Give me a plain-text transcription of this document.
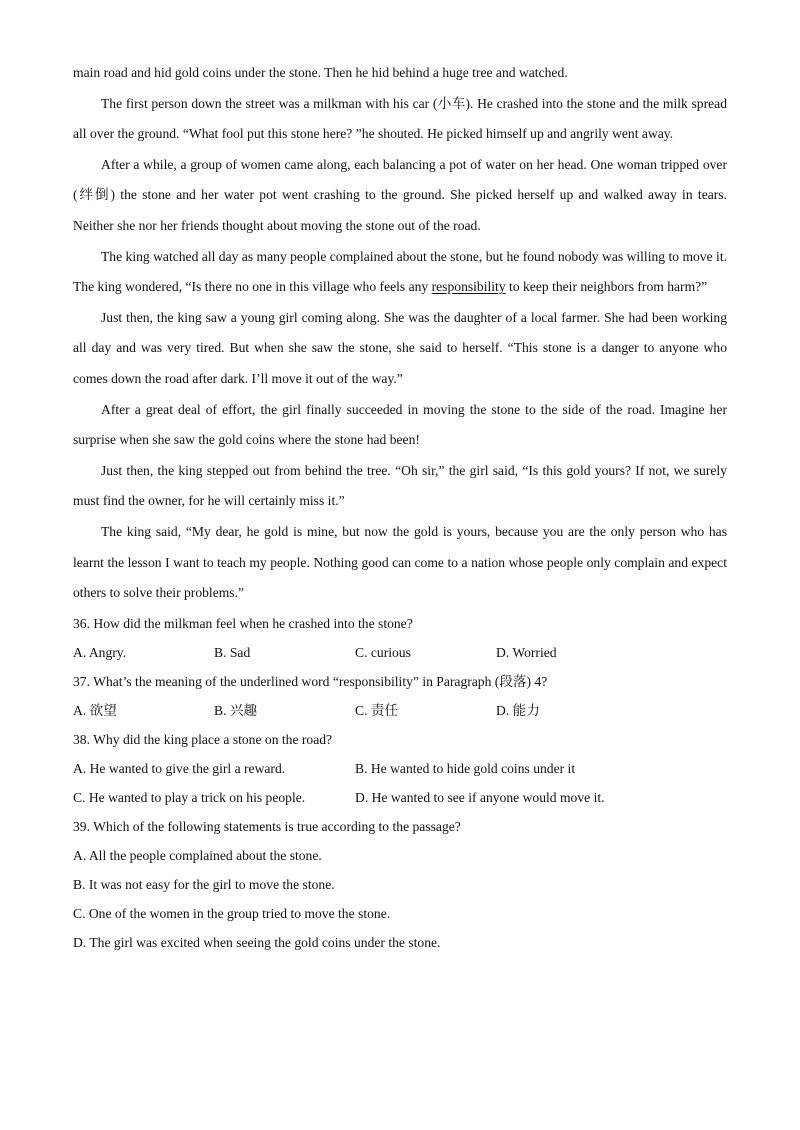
main road and hid gold coins under the stone. Then he hid behind a huge tree and watched.

The first person down the street was a milkman with his car (小车). He crashed into the stone and the milk spread all over the ground. “What fool put this stone here? ”he shouted. He picked himself up and angrily went away.

After a while, a group of women came along, each balancing a pot of water on her head. One woman tripped over (绊倒) the stone and her water pot went crashing to the ground. She picked herself up and walked away in tears. Neither she nor her friends thought about moving the stone out of the road.

The king watched all day as many people complained about the stone, but he found nobody was willing to move it. The king wondered, “Is there no one in this village who feels any responsibility to keep their neighbors from harm?”

Just then, the king saw a young girl coming along. She was the daughter of a local farmer. She had been working all day and was very tired. But when she saw the stone, she said to herself. “This stone is a danger to anyone who comes down the road after dark. I’ll move it out of the way.”

After a great deal of effort, the girl finally succeeded in moving the stone to the side of the road. Imagine her surprise when she saw the gold coins where the stone had been!

Just then, the king stepped out from behind the tree. “Oh sir,” the girl said, “Is this gold yours? If not, we surely must find the owner, for he will certainly miss it.”

The king said, “My dear, he gold is mine, but now the gold is yours, because you are the only person who has learnt the lesson I want to teach my people. Nothing good can come to a nation whose people only complain and expect others to solve their problems.”

36. How did the milkman feel when he crashed into the stone?

A. Angry.	B. Sad	C. curious	D. Worried

37. What’s the meaning of the underlined word “responsibility” in Paragraph (段落) 4?

A. 欲望	B. 兴趣	C. 责任	D. 能力

38. Why did the king place a stone on the road?

A. He wanted to give the girl a reward.	B. He wanted to hide gold coins under it
C. He wanted to play a trick on his people.	D. He wanted to see if anyone would move it.

39. Which of the following statements is true according to the passage?

A. All the people complained about the stone.
B. It was not easy for the girl to move the stone.
C. One of the women in the group tried to move the stone.
D. The girl was excited when seeing the gold coins under the stone.
